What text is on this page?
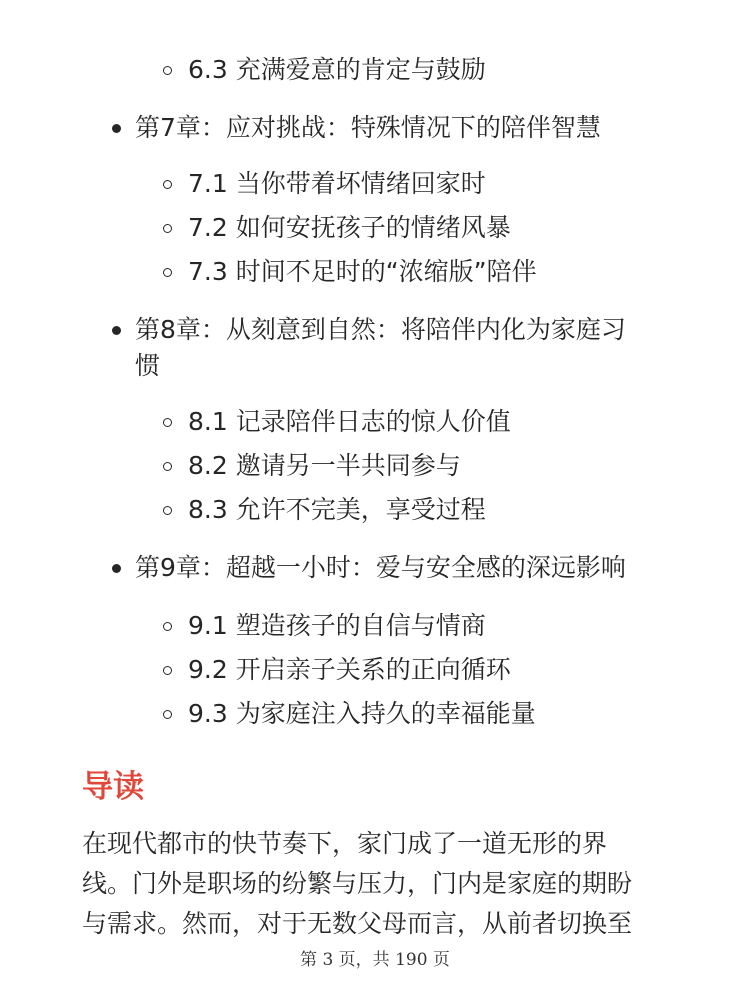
6.3 充满爱意的肯定与鼓励
第7章：应对挑战：特殊情况下的陪伴智慧
7.1 当你带着坏情绪回家时
7.2 如何安抚孩子的情绪风暴
7.3 时间不足时的“浓缩版”陪伴
第8章：从刻意到自然：将陪伴内化为家庭习
惯
8.1 记录陪伴日志的惊人价值
8.2 邀请另一半共同参与
8.3 允许不完美，享受过程
第9章：超越一小时：爱与安全感的深远影响
9.1 塑造孩子的自信与情商
9.2 开启亲子关系的正向循环
9.3 为家庭注入持久的幸福能量
导读
在现代都市的快节奏下，家门成了一道无形的界
线。门外是职场的纷繁与压力，门内是家庭的期盼
与需求。然而，对于无数父母而言，从前者切换至
第 3 页，共 190 页
